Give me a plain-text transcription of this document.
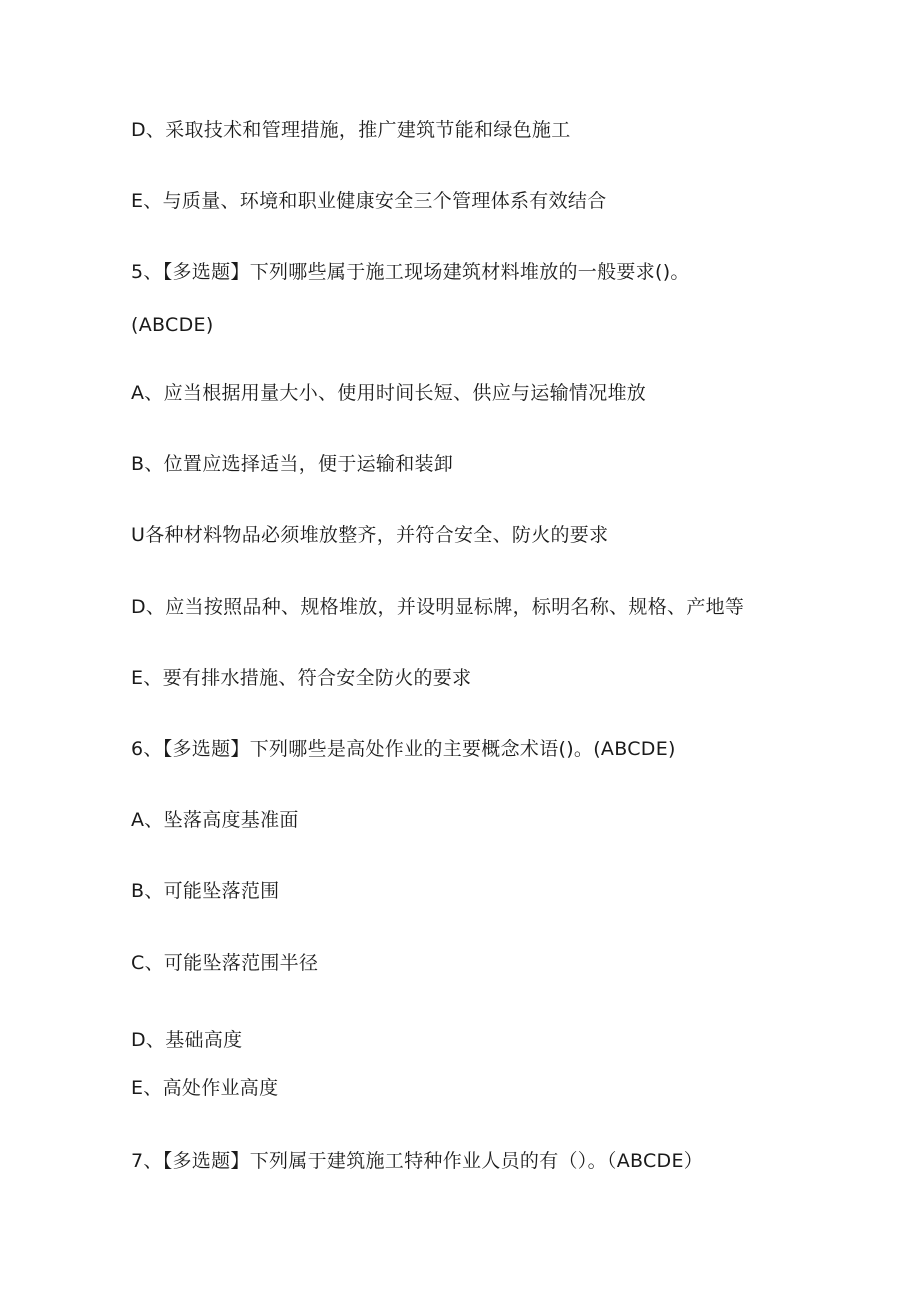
D、采取技术和管理措施，推广建筑节能和绿色施工
E、与质量、环境和职业健康安全三个管理体系有效结合
5、【多选题】下列哪些属于施工现场建筑材料堆放的一般要求()。
(ABCDE)
A、应当根据用量大小、使用时间长短、供应与运输情况堆放
B、位置应选择适当，便于运输和装卸
U各种材料物品必须堆放整齐，并符合安全、防火的要求
D、应当按照品种、规格堆放，并设明显标牌，标明名称、规格、产地等
E、要有排水措施、符合安全防火的要求
6、【多选题】下列哪些是高处作业的主要概念术语()。(ABCDE)
A、坠落高度基准面
B、可能坠落范围
C、可能坠落范围半径
D、基础高度
E、高处作业高度
7、【多选题】下列属于建筑施工特种作业人员的有（）。（ABCDE）
